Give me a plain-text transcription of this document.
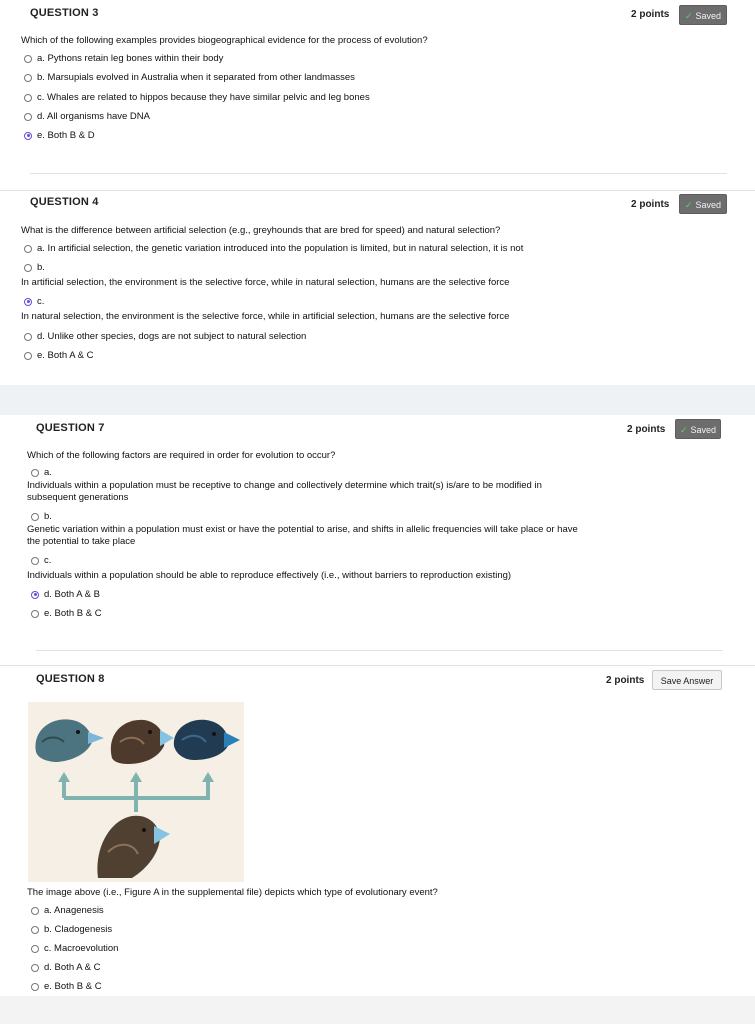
QUESTION 3	2 points	✓ Saved
Which of the following examples provides biogeographical evidence for the process of evolution?
a. Pythons retain leg bones within their body
b. Marsupials evolved in Australia when it separated from other landmasses
c. Whales are related to hippos because they have similar pelvic and leg bones
d. All organisms have DNA
e. Both B & D
QUESTION 4	2 points	✓ Saved
What is the difference between artificial selection (e.g., greyhounds that are bred for speed) and natural selection?
a. In artificial selection, the genetic variation introduced into the population is limited, but in natural selection, it is not
b.
In artificial selection, the environment is the selective force, while in natural selection, humans are the selective force
c.
In natural selection, the environment is the selective force, while in artificial selection, humans are the selective force
d. Unlike other species, dogs are not subject to natural selection
e. Both A & C
QUESTION 7	2 points	✓ Saved
Which of the following factors are required in order for evolution to occur?
a.
Individuals within a population must be receptive to change and collectively determine which trait(s) is/are to be modified in subsequent generations
b.
Genetic variation within a population must exist or have the potential to arise, and shifts in allelic frequencies will take place or have the potential to take place
c.
Individuals within a population should be able to reproduce effectively (i.e., without barriers to reproduction existing)
d. Both A & B
e. Both B & C
QUESTION 8	2 points	Save Answer
The image above (i.e., Figure A in the supplemental file) depicts which type of evolutionary event?
a. Anagenesis
b. Cladogenesis
c. Macroevolution
d. Both A & C
e. Both B & C
